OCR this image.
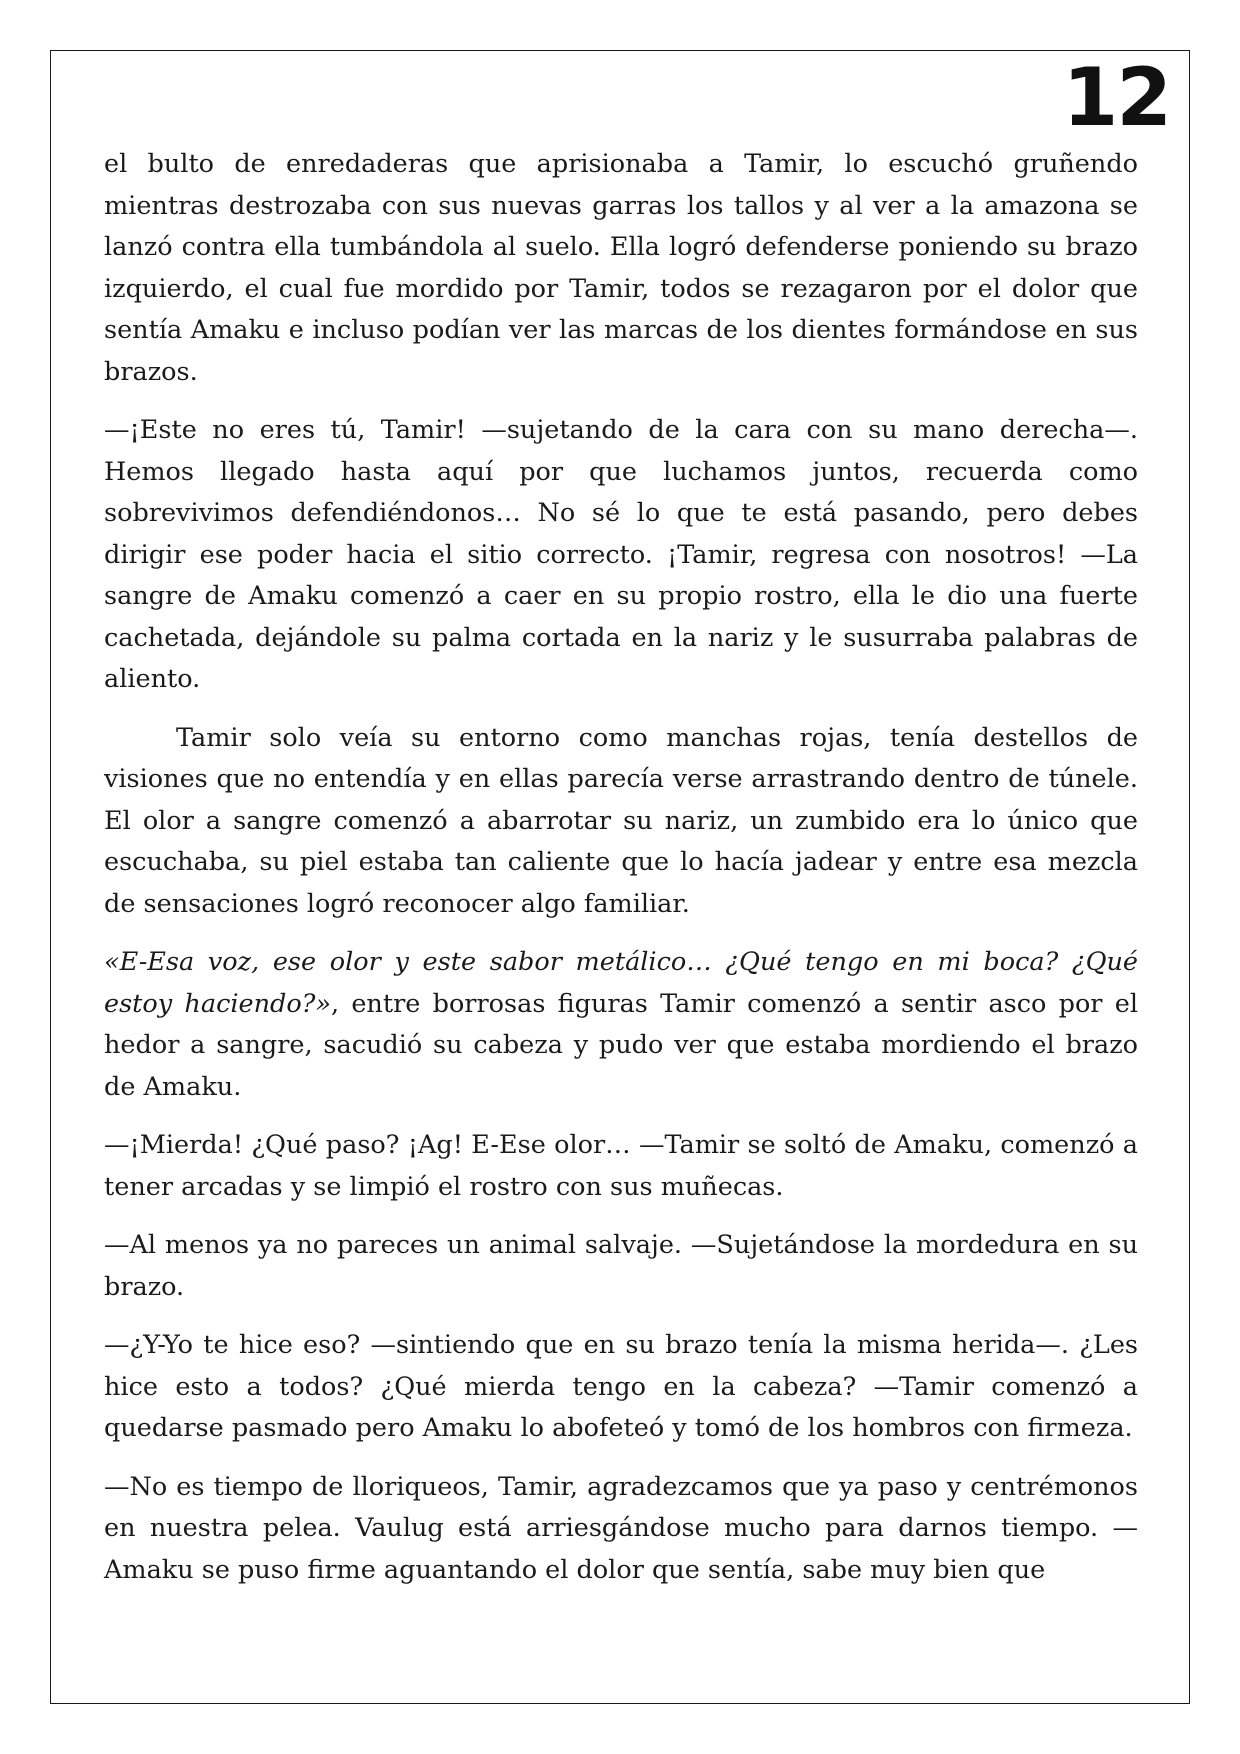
12

el bulto de enredaderas que aprisionaba a Tamir, lo escuchó gruñendo mientras destrozaba con sus nuevas garras los tallos y al ver a la amazona se lanzó contra ella tumbándola al suelo. Ella logró defenderse poniendo su brazo izquierdo, el cual fue mordido por Tamir, todos se rezagaron por el dolor que sentía Amaku e incluso podían ver las marcas de los dientes formándose en sus brazos.

—¡Este no eres tú, Tamir! —sujetando de la cara con su mano derecha—. Hemos llegado hasta aquí por que luchamos juntos, recuerda como sobrevivimos defendiéndonos… No sé lo que te está pasando, pero debes dirigir ese poder hacia el sitio correcto. ¡Tamir, regresa con nosotros! —La sangre de Amaku comenzó a caer en su propio rostro, ella le dio una fuerte cachetada, dejándole su palma cortada en la nariz y le susurraba palabras de aliento.

Tamir solo veía su entorno como manchas rojas, tenía destellos de visiones que no entendía y en ellas parecía verse arrastrando dentro de túnele. El olor a sangre comenzó a abarrotar su nariz, un zumbido era lo único que escuchaba, su piel estaba tan caliente que lo hacía jadear y entre esa mezcla de sensaciones logró reconocer algo familiar.

«E-Esa voz, ese olor y este sabor metálico… ¿Qué tengo en mi boca? ¿Qué estoy haciendo?», entre borrosas figuras Tamir comenzó a sentir asco por el hedor a sangre, sacudió su cabeza y pudo ver que estaba mordiendo el brazo de Amaku.

—¡Mierda! ¿Qué paso? ¡Ag! E-Ese olor… —Tamir se soltó de Amaku, comenzó a tener arcadas y se limpió el rostro con sus muñecas.

—Al menos ya no pareces un animal salvaje. —Sujetándose la mordedura en su brazo.

—¿Y-Yo te hice eso? —sintiendo que en su brazo tenía la misma herida—. ¿Les hice esto a todos? ¿Qué mierda tengo en la cabeza? —Tamir comenzó a quedarse pasmado pero Amaku lo abofeteó y tomó de los hombros con firmeza.

—No es tiempo de lloriqueos, Tamir, agradezcamos que ya paso y centrémonos en nuestra pelea. Vaulug está arriesgándose mucho para darnos tiempo. —Amaku se puso firme aguantando el dolor que sentía, sabe muy bien que
